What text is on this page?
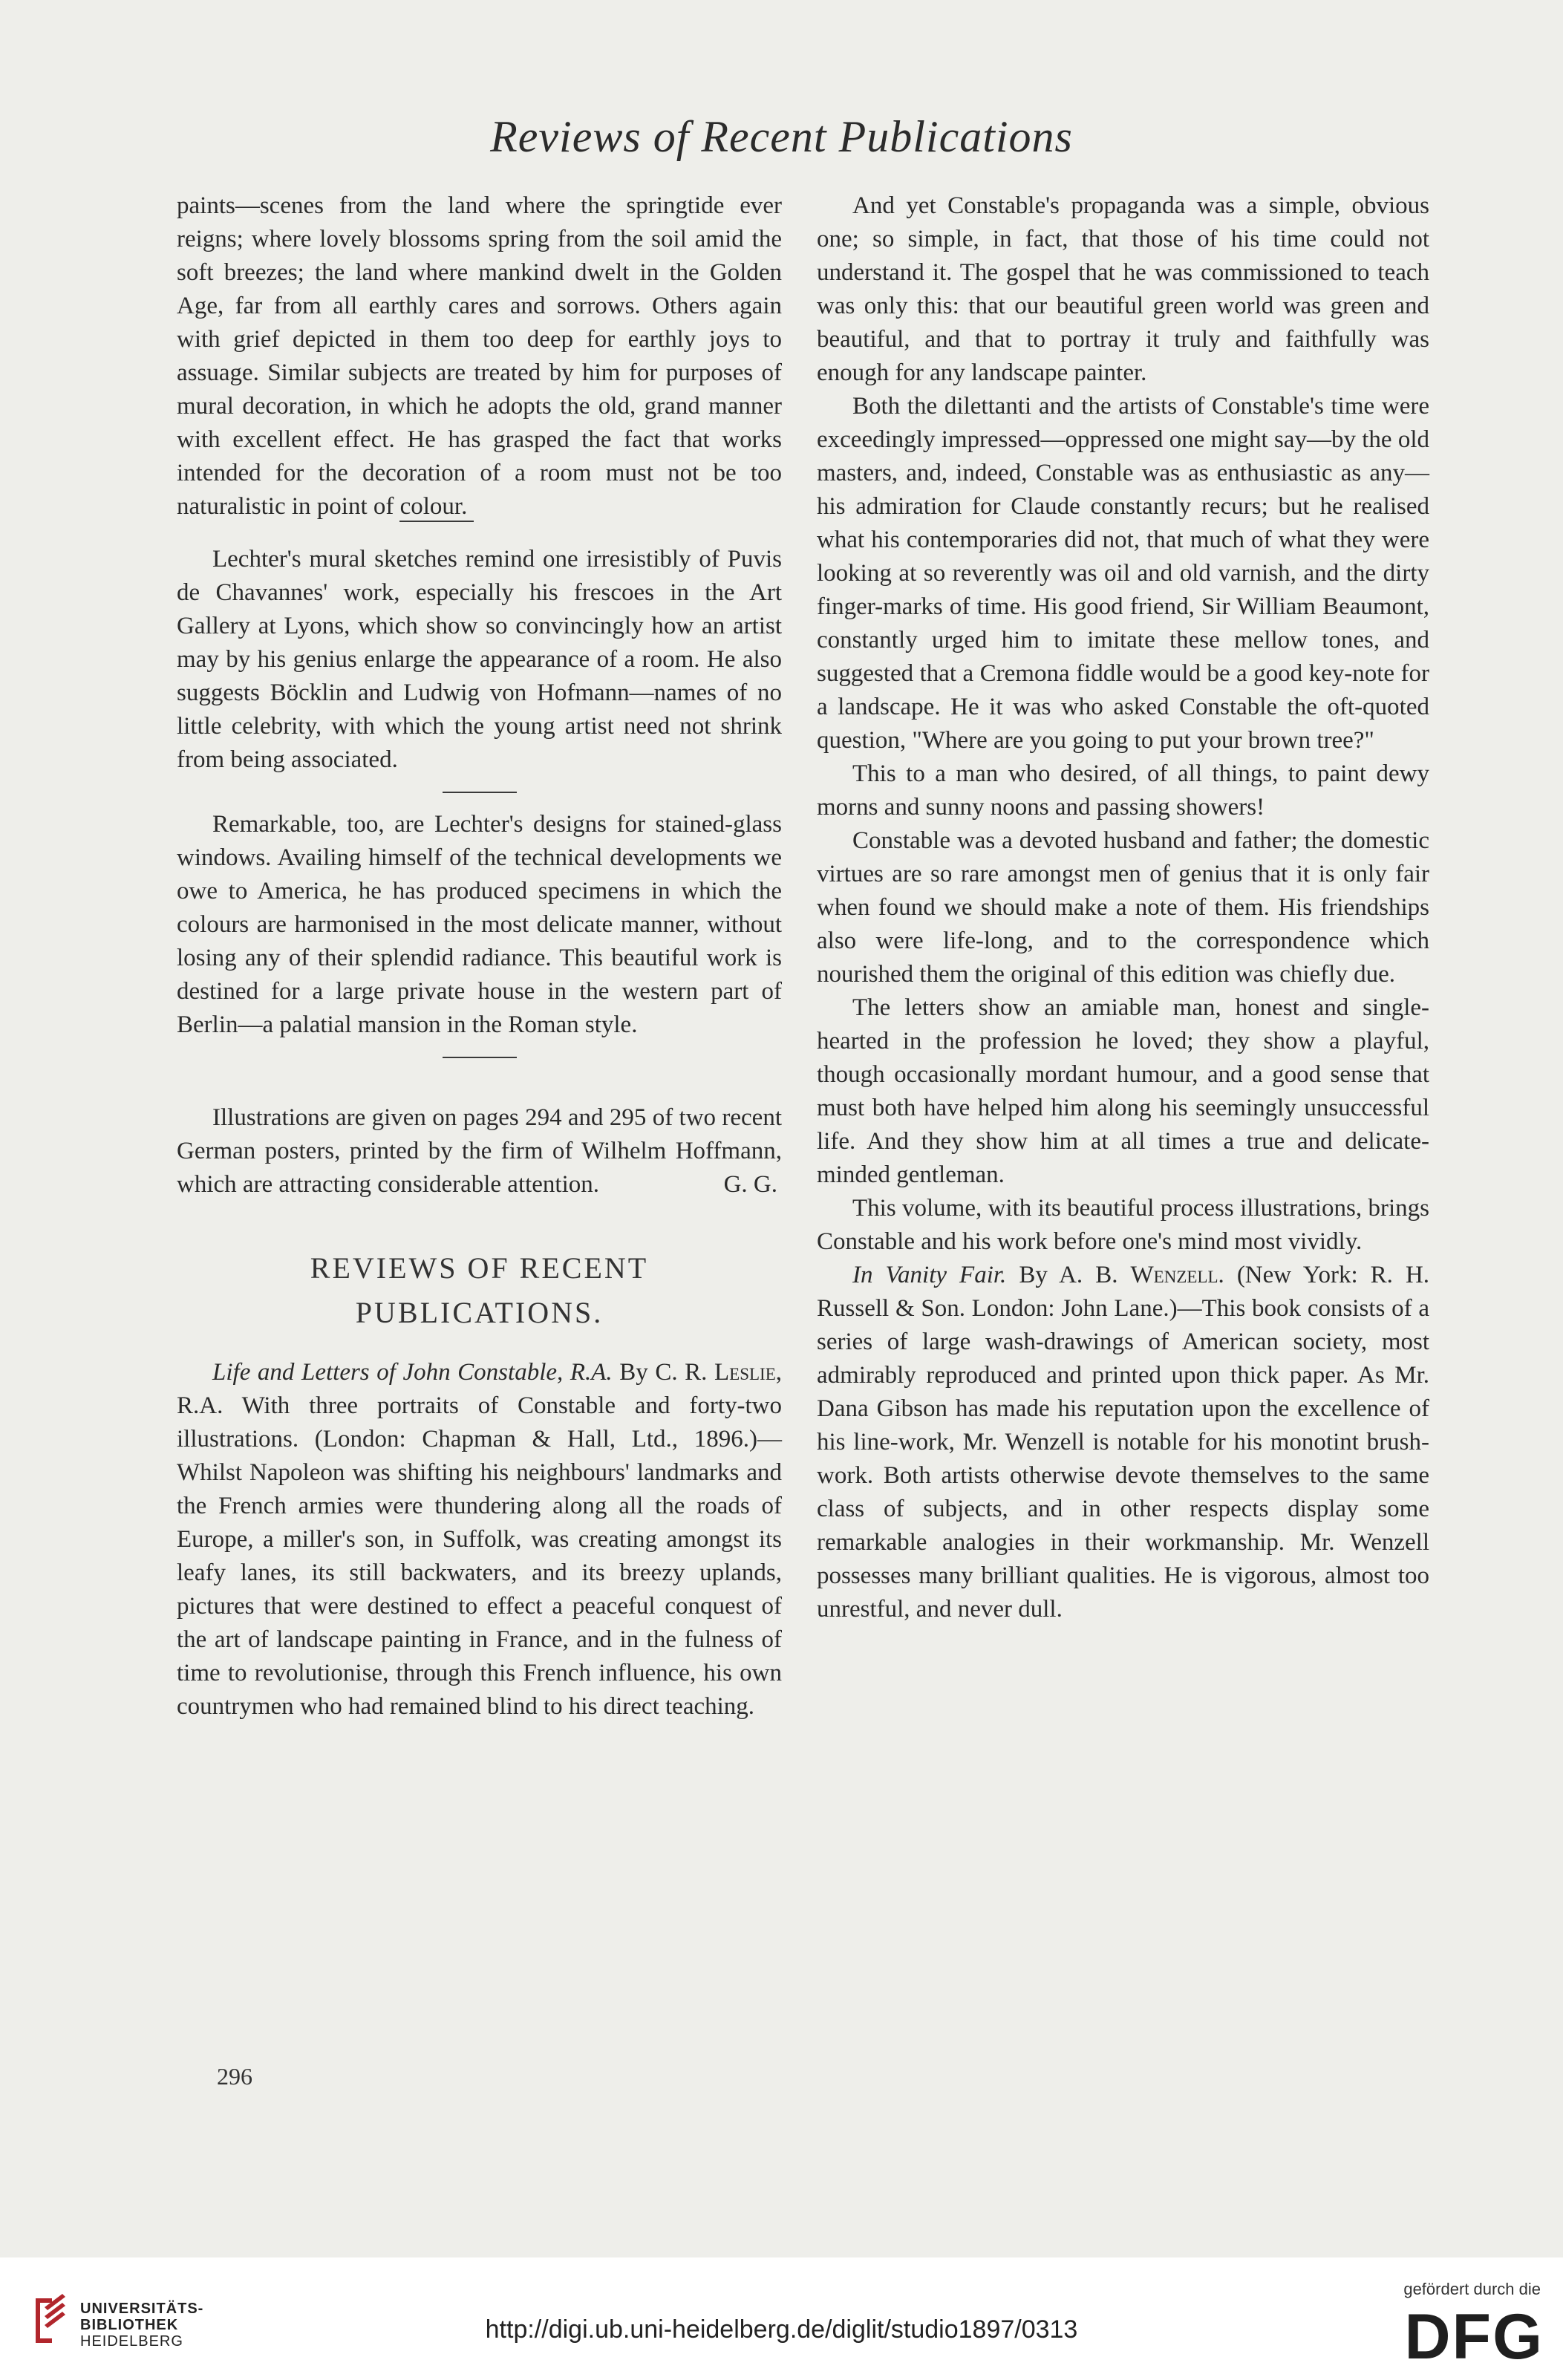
Reviews of Recent Publications

paints—scenes from the land where the springtide ever reigns; where lovely blossoms spring from the soil amid the soft breezes; the land where mankind dwelt in the Golden Age, far from all earthly cares and sorrows. Others again with grief depicted in them too deep for earthly joys to assuage. Similar subjects are treated by him for purposes of mural decoration, in which he adopts the old, grand manner with excellent effect. He has grasped the fact that works intended for the decoration of a room must not be too naturalistic in point of colour.

Lechter's mural sketches remind one irresistibly of Puvis de Chavannes' work, especially his frescoes in the Art Gallery at Lyons, which show so convincingly how an artist may by his genius enlarge the appearance of a room. He also suggests Böcklin and Ludwig von Hofmann—names of no little celebrity, with which the young artist need not shrink from being associated.

Remarkable, too, are Lechter's designs for stained-glass windows. Availing himself of the technical developments we owe to America, he has produced specimens in which the colours are harmonised in the most delicate manner, without losing any of their splendid radiance. This beautiful work is destined for a large private house in the western part of Berlin—a palatial mansion in the Roman style.

Illustrations are given on pages 294 and 295 of two recent German posters, printed by the firm of Wilhelm Hoffmann, which are attracting considerable attention.	G. G.

REVIEWS OF RECENT
PUBLICATIONS.

Life and Letters of John Constable, R.A. By C. R. Leslie, R.A. With three portraits of Constable and forty-two illustrations. (London: Chapman & Hall, Ltd., 1896.)—Whilst Napoleon was shifting his neighbours' landmarks and the French armies were thundering along all the roads of Europe, a miller's son, in Suffolk, was creating amongst its leafy lanes, its still backwaters, and its breezy uplands, pictures that were destined to effect a peaceful conquest of the art of landscape painting in France, and in the fulness of time to revolutionise, through this French influence, his own countrymen who had remained blind to his direct teaching.

And yet Constable's propaganda was a simple, obvious one; so simple, in fact, that those of his time could not understand it. The gospel that he was commissioned to teach was only this: that our beautiful green world was green and beautiful, and that to portray it truly and faithfully was enough for any landscape painter.

Both the dilettanti and the artists of Constable's time were exceedingly impressed—oppressed one might say—by the old masters, and, indeed, Constable was as enthusiastic as any—his admiration for Claude constantly recurs; but he realised what his contemporaries did not, that much of what they were looking at so reverently was oil and old varnish, and the dirty finger-marks of time. His good friend, Sir William Beaumont, constantly urged him to imitate these mellow tones, and suggested that a Cremona fiddle would be a good key-note for a landscape. He it was who asked Constable the oft-quoted question, "Where are you going to put your brown tree?"

This to a man who desired, of all things, to paint dewy morns and sunny noons and passing showers!

Constable was a devoted husband and father; the domestic virtues are so rare amongst men of genius that it is only fair when found we should make a note of them. His friendships also were life-long, and to the correspondence which nourished them the original of this edition was chiefly due.

The letters show an amiable man, honest and single-hearted in the profession he loved; they show a playful, though occasionally mordant humour, and a good sense that must both have helped him along his seemingly unsuccessful life. And they show him at all times a true and delicate-minded gentleman.

This volume, with its beautiful process illustrations, brings Constable and his work before one's mind most vividly.

In Vanity Fair. By A. B. Wenzell. (New York: R. H. Russell & Son. London: John Lane.)—This book consists of a series of large wash-drawings of American society, most admirably reproduced and printed upon thick paper. As Mr. Dana Gibson has made his reputation upon the excellence of his line-work, Mr. Wenzell is notable for his monotint brush-work. Both artists otherwise devote themselves to the same class of subjects, and in other respects display some remarkable analogies in their workmanship. Mr. Wenzell possesses many brilliant qualities. He is vigorous, almost too unrestful, and never dull.

296
UNIVERSITÄTS-
BIBLIOTHEK
HEIDELBERG	http://digi.ub.uni-heidelberg.de/diglit/studio1897/0313
gefördert durch die
DFG
